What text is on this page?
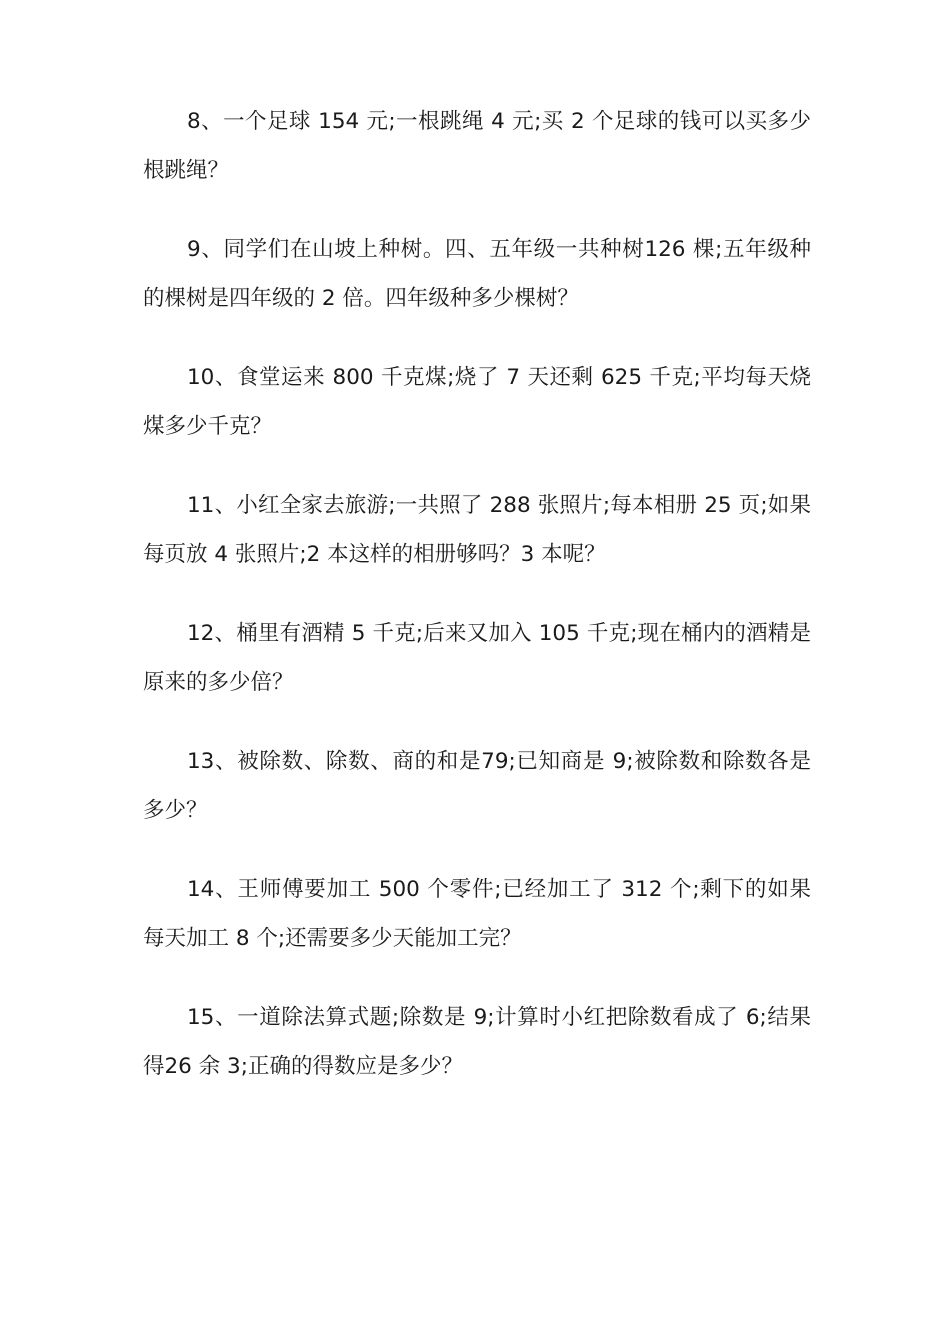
8、一个足球 154 元;一根跳绳 4 元;买 2 个足球的钱可以买多少根跳绳？

9、同学们在山坡上种树。四、五年级一共种树126 棵;五年级种的棵树是四年级的 2 倍。四年级种多少棵树？

10、食堂运来 800 千克煤;烧了 7 天还剩 625 千克;平均每天烧煤多少千克？

11、小红全家去旅游;一共照了 288 张照片;每本相册 25 页;如果每页放 4 张照片;2 本这样的相册够吗？3 本呢？

12、桶里有酒精 5 千克;后来又加入 105 千克;现在桶内的酒精是原来的多少倍？

13、被除数、除数、商的和是79;已知商是 9;被除数和除数各是多少？

14、王师傅要加工 500 个零件;已经加工了 312 个;剩下的如果每天加工 8 个;还需要多少天能加工完？

15、一道除法算式题;除数是 9;计算时小红把除数看成了 6;结果得26 余 3;正确的得数应是多少？
